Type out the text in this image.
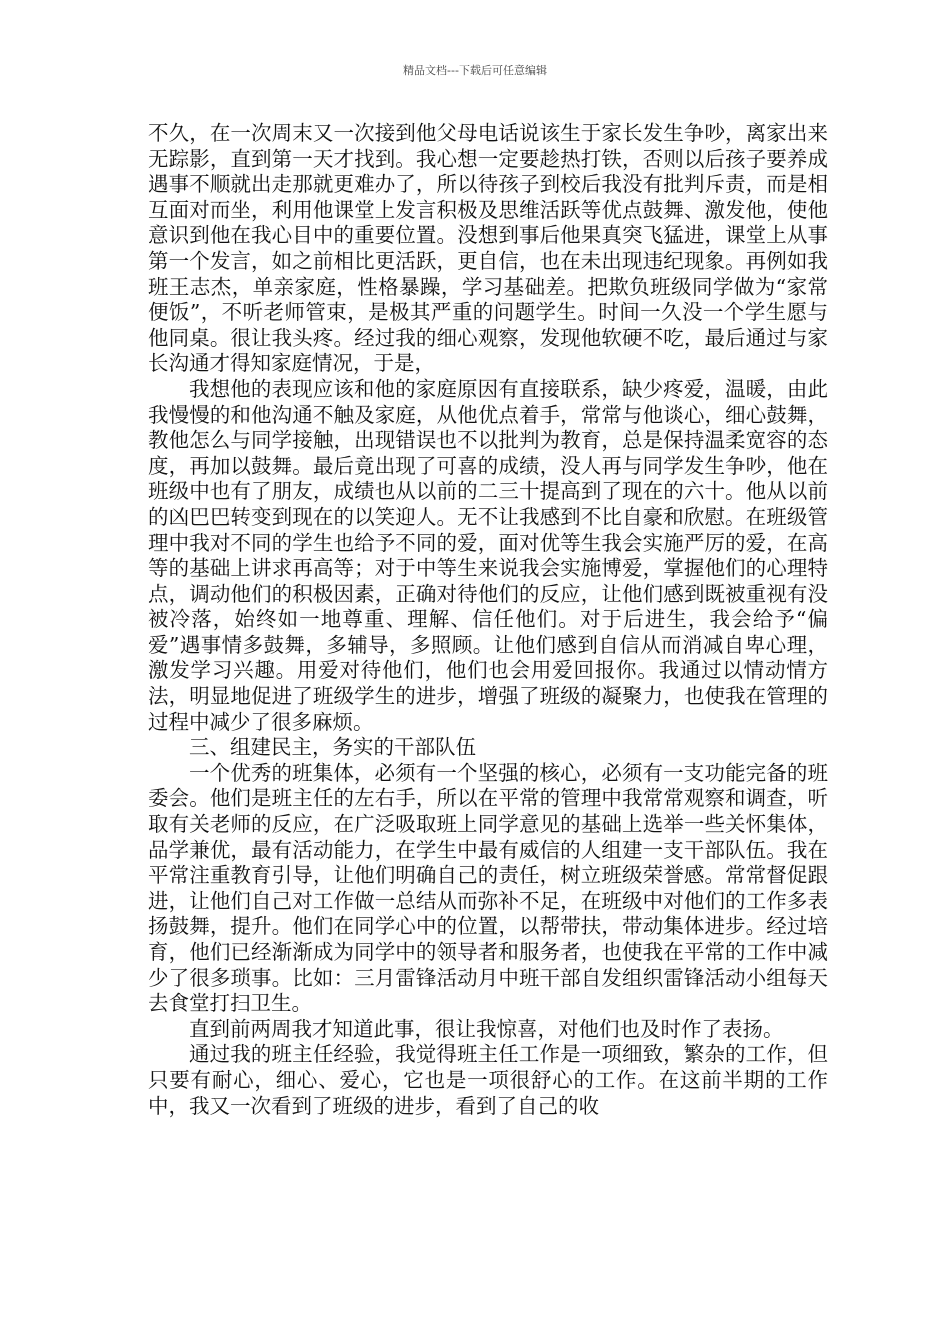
精品文档---下载后可任意编辑

不久，在一次周末又一次接到他父母电话说该生于家长发生争吵，离家出来无踪影，直到第一天才找到。我心想一定要趁热打铁，否则以后孩子要养成遇事不顺就出走那就更难办了，所以待孩子到校后我没有批判斥责，而是相互面对而坐，利用他课堂上发言积极及思维活跃等优点鼓舞、激发他，使他意识到他在我心目中的重要位置。没想到事后他果真突飞猛进，课堂上从事第一个发言，如之前相比更活跃，更自信，也在未出现违纪现象。再例如我班王志杰，单亲家庭，性格暴躁，学习基础差。把欺负班级同学做为“家常便饭”，不听老师管束，是极其严重的问题学生。时间一久没一个学生愿与他同桌。很让我头疼。经过我的细心观察，发现他软硬不吃，最后通过与家长沟通才得知家庭情况，于是，

我想他的表现应该和他的家庭原因有直接联系，缺少疼爱，温暖，由此我慢慢的和他沟通不触及家庭，从他优点着手，常常与他谈心，细心鼓舞，教他怎么与同学接触，出现错误也不以批判为教育，总是保持温柔宽容的态度，再加以鼓舞。最后竟出现了可喜的成绩，没人再与同学发生争吵，他在班级中也有了朋友，成绩也从以前的二三十提高到了现在的六十。他从以前的凶巴巴转变到现在的以笑迎人。无不让我感到不比自豪和欣慰。在班级管理中我对不同的学生也给予不同的爱，面对优等生我会实施严厉的爱，在高等的基础上讲求再高等；对于中等生来说我会实施博爱，掌握他们的心理特点，调动他们的积极因素，正确对待他们的反应，让他们感到既被重视有没被冷落，始终如一地尊重、理解、信任他们。对于后进生，我会给予“偏爱”遇事情多鼓舞，多辅导，多照顾。让他们感到自信从而消减自卑心理，激发学习兴趣。用爱对待他们，他们也会用爱回报你。我通过以情动情方法，明显地促进了班级学生的进步，增强了班级的凝聚力，也使我在管理的过程中减少了很多麻烦。

三、组建民主，务实的干部队伍

一个优秀的班集体，必须有一个坚强的核心，必须有一支功能完备的班委会。他们是班主任的左右手，所以在平常的管理中我常常观察和调查，听取有关老师的反应，在广泛吸取班上同学意见的基础上选举一些关怀集体，品学兼优，最有活动能力，在学生中最有威信的人组建一支干部队伍。我在平常注重教育引导，让他们明确自己的责任，树立班级荣誉感。常常督促跟进，让他们自己对工作做一总结从而弥补不足，在班级中对他们的工作多表扬鼓舞，提升。他们在同学心中的位置，以帮带扶，带动集体进步。经过培育，他们已经渐渐成为同学中的领导者和服务者，也使我在平常的工作中减少了很多琐事。比如：三月雷锋活动月中班干部自发组织雷锋活动小组每天去食堂打扫卫生。

直到前两周我才知道此事，很让我惊喜，对他们也及时作了表扬。

通过我的班主任经验，我觉得班主任工作是一项细致，繁杂的工作，但只要有耐心，细心、爱心，它也是一项很舒心的工作。在这前半期的工作中，我又一次看到了班级的进步，看到了自己的收
